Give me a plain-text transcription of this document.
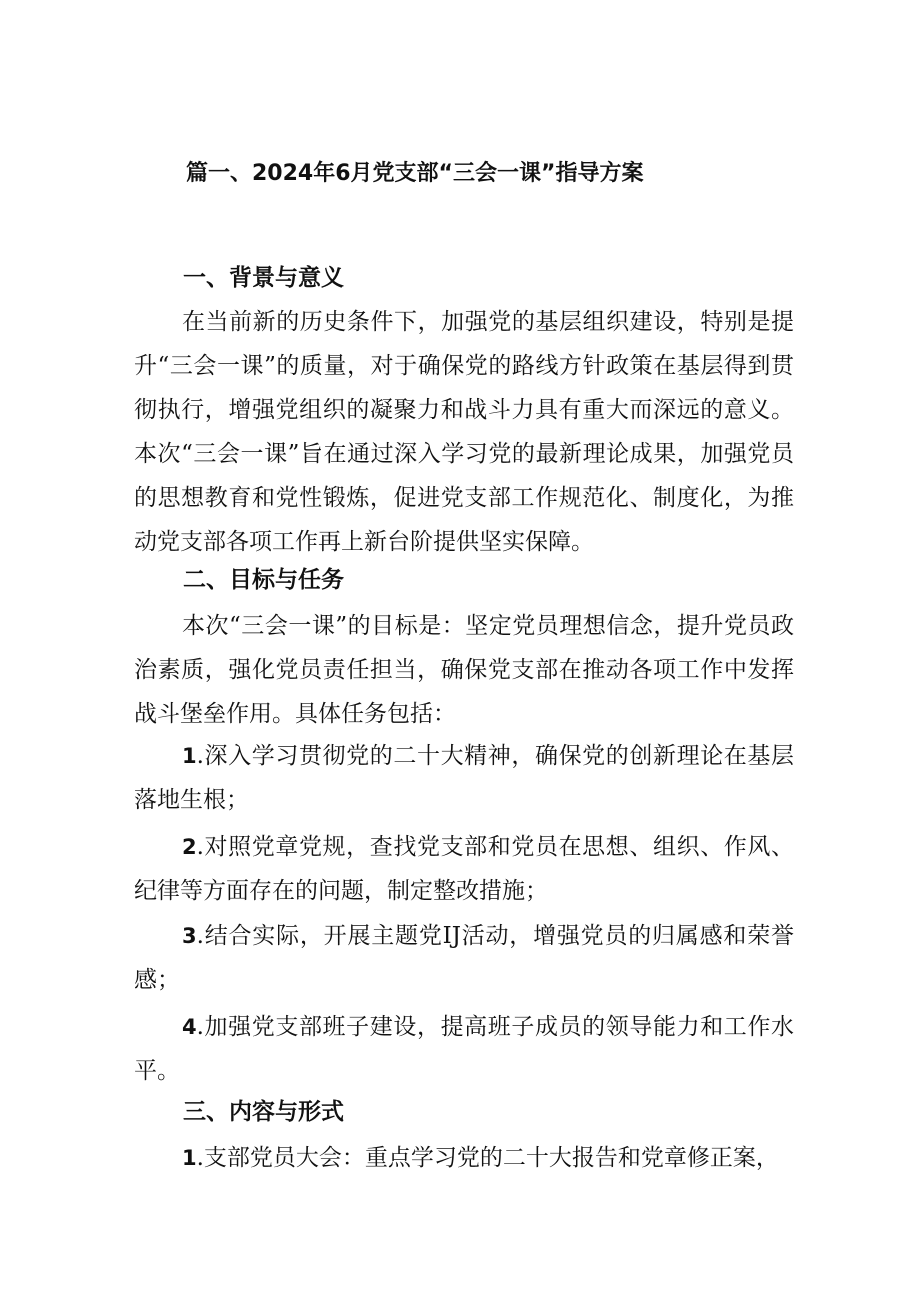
篇一、2024年6月党支部“三会一课”指导方案
一、背景与意义

在当前新的历史条件下，加强党的基层组织建设，特别是提升“三会一课”的质量，对于确保党的路线方针政策在基层得到贯彻执行，增强党组织的凝聚力和战斗力具有重大而深远的意义。本次“三会一课”旨在通过深入学习党的最新理论成果，加强党员的思想教育和党性锻炼，促进党支部工作规范化、制度化，为推动党支部各项工作再上新台阶提供坚实保障。

二、目标与任务

本次“三会一课”的目标是：坚定党员理想信念，提升党员政治素质，强化党员责任担当，确保党支部在推动各项工作中发挥战斗堡垒作用。具体任务包括：

1.深入学习贯彻党的二十大精神，确保党的创新理论在基层落地生根；

2.对照党章党规，查找党支部和党员在思想、组织、作风、纪律等方面存在的问题，制定整改措施；

3.结合实际，开展主题党IJ活动，增强党员的归属感和荣誉感；

4.加强党支部班子建设，提高班子成员的领导能力和工作水平。

三、内容与形式

1.支部党员大会：重点学习党的二十大报告和党章修正案，
